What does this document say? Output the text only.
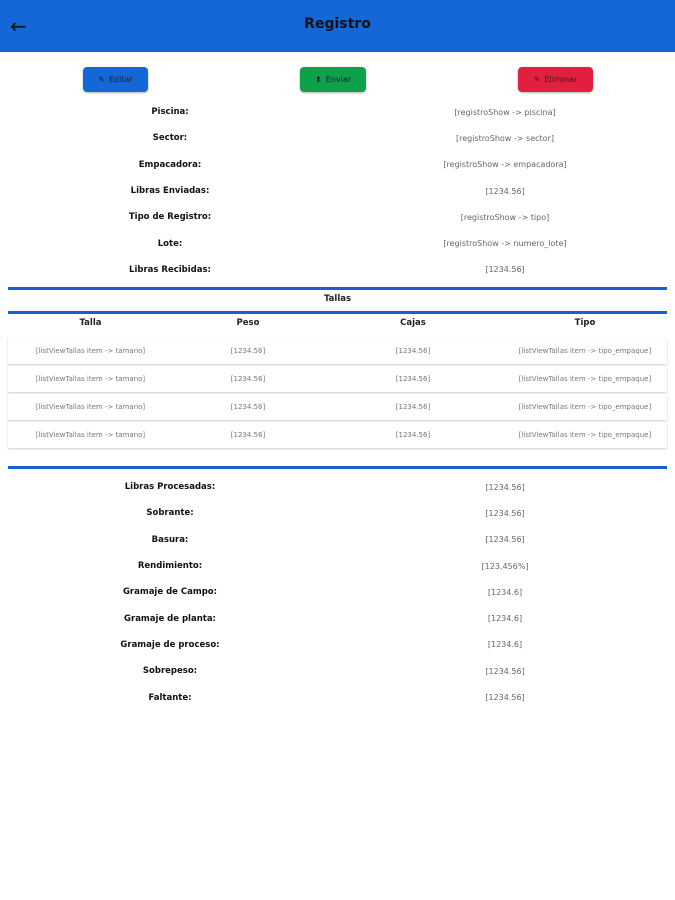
←	Registro
✎ Editar	⬆ Enviar	✎ Eliminar
Piscina:	[registroShow -> piscina]
Sector:	[registroShow -> sector]
Empacadora:	[registroShow -> empacadora]
Libras Enviadas:	[1234.56]
Tipo de Registro:	[registroShow -> tipo]
Lote:	[registroShow -> numero_lote]
Libras Recibidas:	[1234.56]
Tallas
Talla	Peso	Cajas	Tipo
[listViewTallas item -> tamano]	[1234.56]	[1234.56]	[listViewTallas item -> tipo_empaque]
[listViewTallas item -> tamano]	[1234.56]	[1234.56]	[listViewTallas item -> tipo_empaque]
[listViewTallas item -> tamano]	[1234.56]	[1234.56]	[listViewTallas item -> tipo_empaque]
[listViewTallas item -> tamano]	[1234.56]	[1234.56]	[listViewTallas item -> tipo_empaque]
Libras Procesadas:	[1234.56]
Sobrante:	[1234.56]
Basura:	[1234.56]
Rendimiento:	[123,456%]
Gramaje de Campo:	[1234.6]
Gramaje de planta:	[1234.6]
Gramaje de proceso:	[1234.6]
Sobrepeso:	[1234.56]
Faltante:	[1234.56]
